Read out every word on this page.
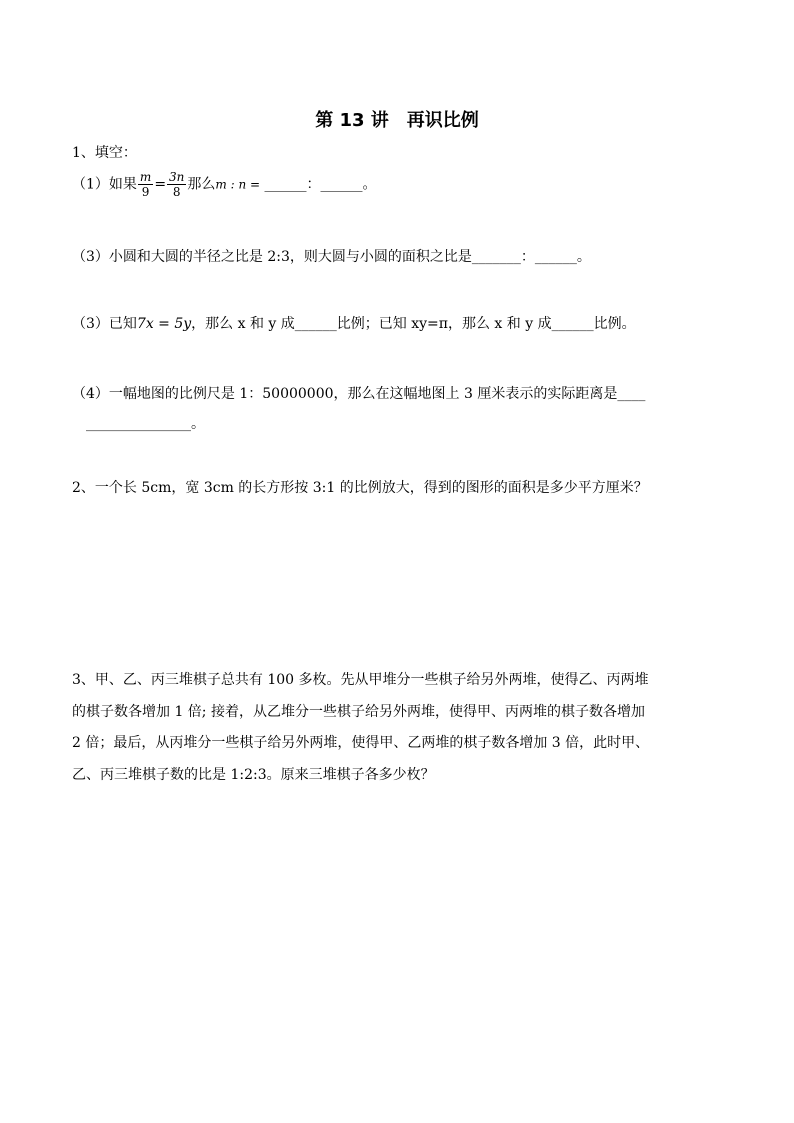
第 13 讲　再识比例
1、填空：
（1）如果 $\frac{m}{9} = \frac{3n}{8}$ 那么m : n = ______：______。
（3）小圆和大圆的半径之比是 2:3，则大圆与小圆的面积之比是_______：______。
（3）已知7x = 5y，那么 x 和 y 成______比例；已知 xy=π，那么 x 和 y 成______比例。
（4）一幅地图的比例尺是 1：50000000，那么在这幅地图上 3 厘米表示的实际距离是____
_______________。
2、一个长 5cm，宽 3cm 的长方形按 3:1 的比例放大，得到的图形的面积是多少平方厘米？
3、甲、乙、丙三堆棋子总共有 100 多枚。先从甲堆分一些棋子给另外两堆，使得乙、丙两堆
的棋子数各增加 1 倍; 接着，从乙堆分一些棋子给另外两堆，使得甲、丙两堆的棋子数各增加
2 倍；最后，从丙堆分一些棋子给另外两堆，使得甲、乙两堆的棋子数各增加 3 倍，此时甲、
乙、丙三堆棋子数的比是 1:2:3。原来三堆棋子各多少枚？
